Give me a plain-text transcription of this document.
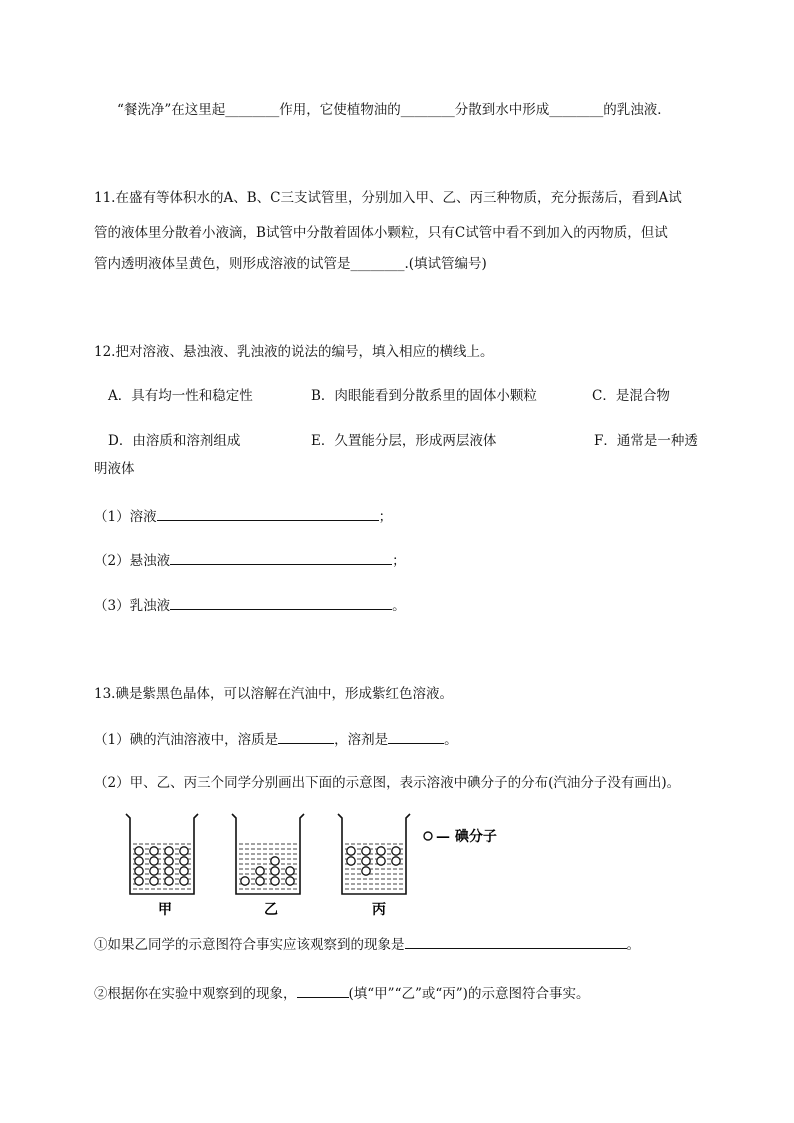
“餐洗净”在这里起________作用，它使植物油的________分散到水中形成________的乳浊液．
11.在盛有等体积水的A、B、C三支试管里，分别加入甲、乙、丙三种物质，充分振荡后，看到A试
管的液体里分散着小液滴，B试管中分散着固体小颗粒，只有C试管中看不到加入的丙物质，但试
管内透明液体呈黄色，则形成溶液的试管是________.(填试管编号)
12.把对溶液、悬浊液、乳浊液的说法的编号，填入相应的横线上。
A．具有均一性和稳定性	B．肉眼能看到分散系里的固体小颗粒	C．是混合物
D．由溶质和溶剂组成	E．久置能分层，形成两层液体	F．通常是一种透
明液体
（1）溶液	；
（2）悬浊液	；
（3）乳浊液	。
13.碘是紫黑色晶体，可以溶解在汽油中，形成紫红色溶液。
（1）碘的汽油溶液中，溶质是	，溶剂是	。
（2）甲、乙、丙三个同学分别画出下面的示意图，表示溶液中碘分子的分布(汽油分子没有画出)。
— 碘分子
甲	乙	丙
①如果乙同学的示意图符合事实应该观察到的现象是	。
②根据你在实验中观察到的现象，	(填“甲”“乙”或“丙”)的示意图符合事实。
